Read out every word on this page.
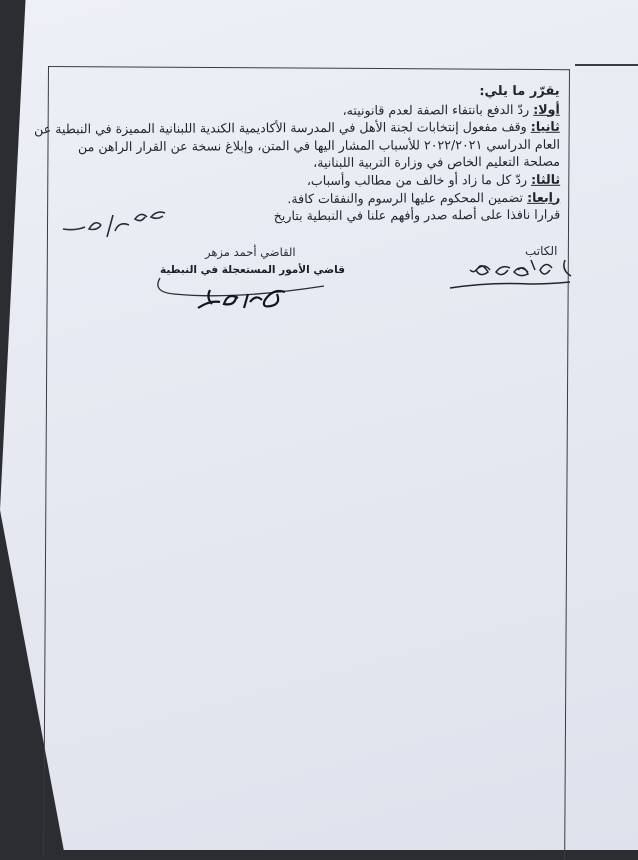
يقرّر ما يلي:
أولا: ردّ الدفع بانتفاء الصفة لعدم قانونيته،
ثانيا: وقف مفعول إنتخابات لجنة الأهل في المدرسة الأكاديمية الكندية اللبنانية المميزة في النبطية عن
العام الدراسي ٢٠٢٢/٢٠٢١ للأسباب المشار اليها في المتن، وإبلاغ نسخة عن القرار الراهن من
مصلحة التعليم الخاص في وزارة التربية اللبنانية،
ثالثا: ردّ كل ما زاد أو خالف من مطالب وأسباب،
رابعا: تضمين المحكوم عليها الرسوم والنفقات كافة.
قرارا نافذا على أصله صدر وأفهم علنا في النبطية بتاريخ
الكاتب
القاضي أحمد مزهر
قاضي الأمور المستعجلة في النبطية
